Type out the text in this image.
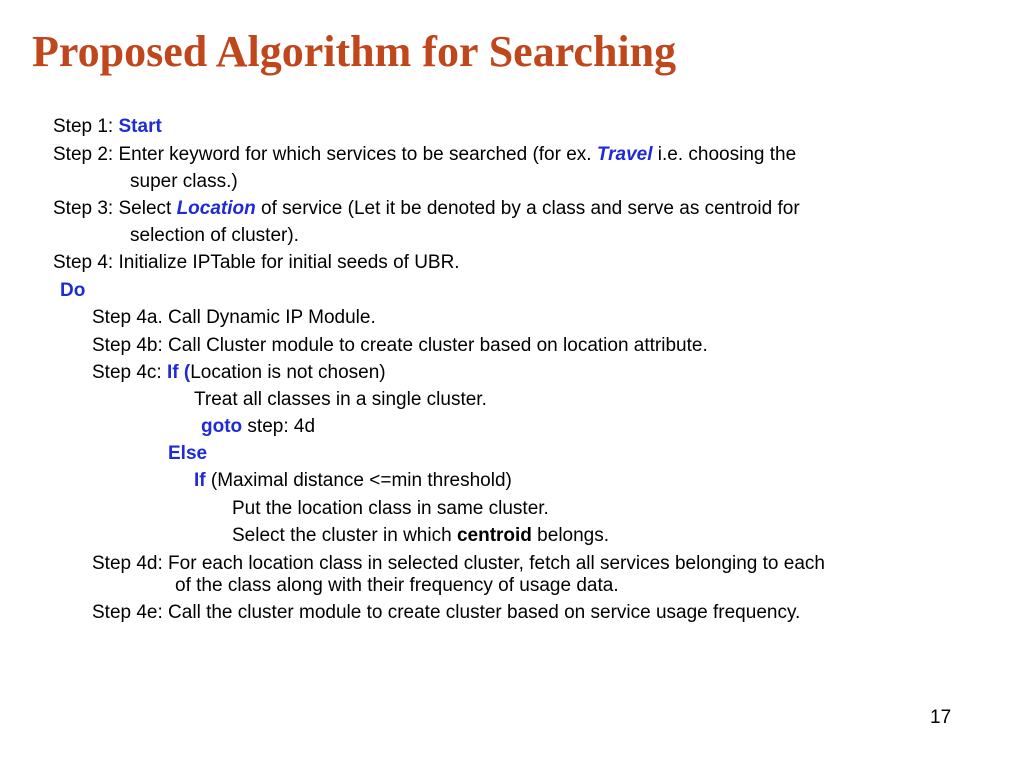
Proposed Algorithm for Searching
Step 1: Start
Step 2: Enter keyword for which services to be searched (for ex. Travel i.e. choosing the
super class.)
Step 3: Select Location of service (Let it be denoted by a class and serve as centroid for
selection of cluster).
Step 4: Initialize IPTable for initial seeds of UBR.
Do
Step 4a. Call Dynamic IP Module.
Step 4b: Call Cluster module to create cluster based on location attribute.
Step 4c: If (Location is not chosen)
Treat all classes in a single cluster.
goto step: 4d
Else
If (Maximal distance <=min threshold)
Put the location class in same cluster.
Select the cluster in which centroid belongs.
Step 4d: For each location class in selected cluster, fetch all services belonging to each
of the class along with their frequency of usage data.
Step 4e: Call the cluster module to create cluster based on service usage frequency.
17
